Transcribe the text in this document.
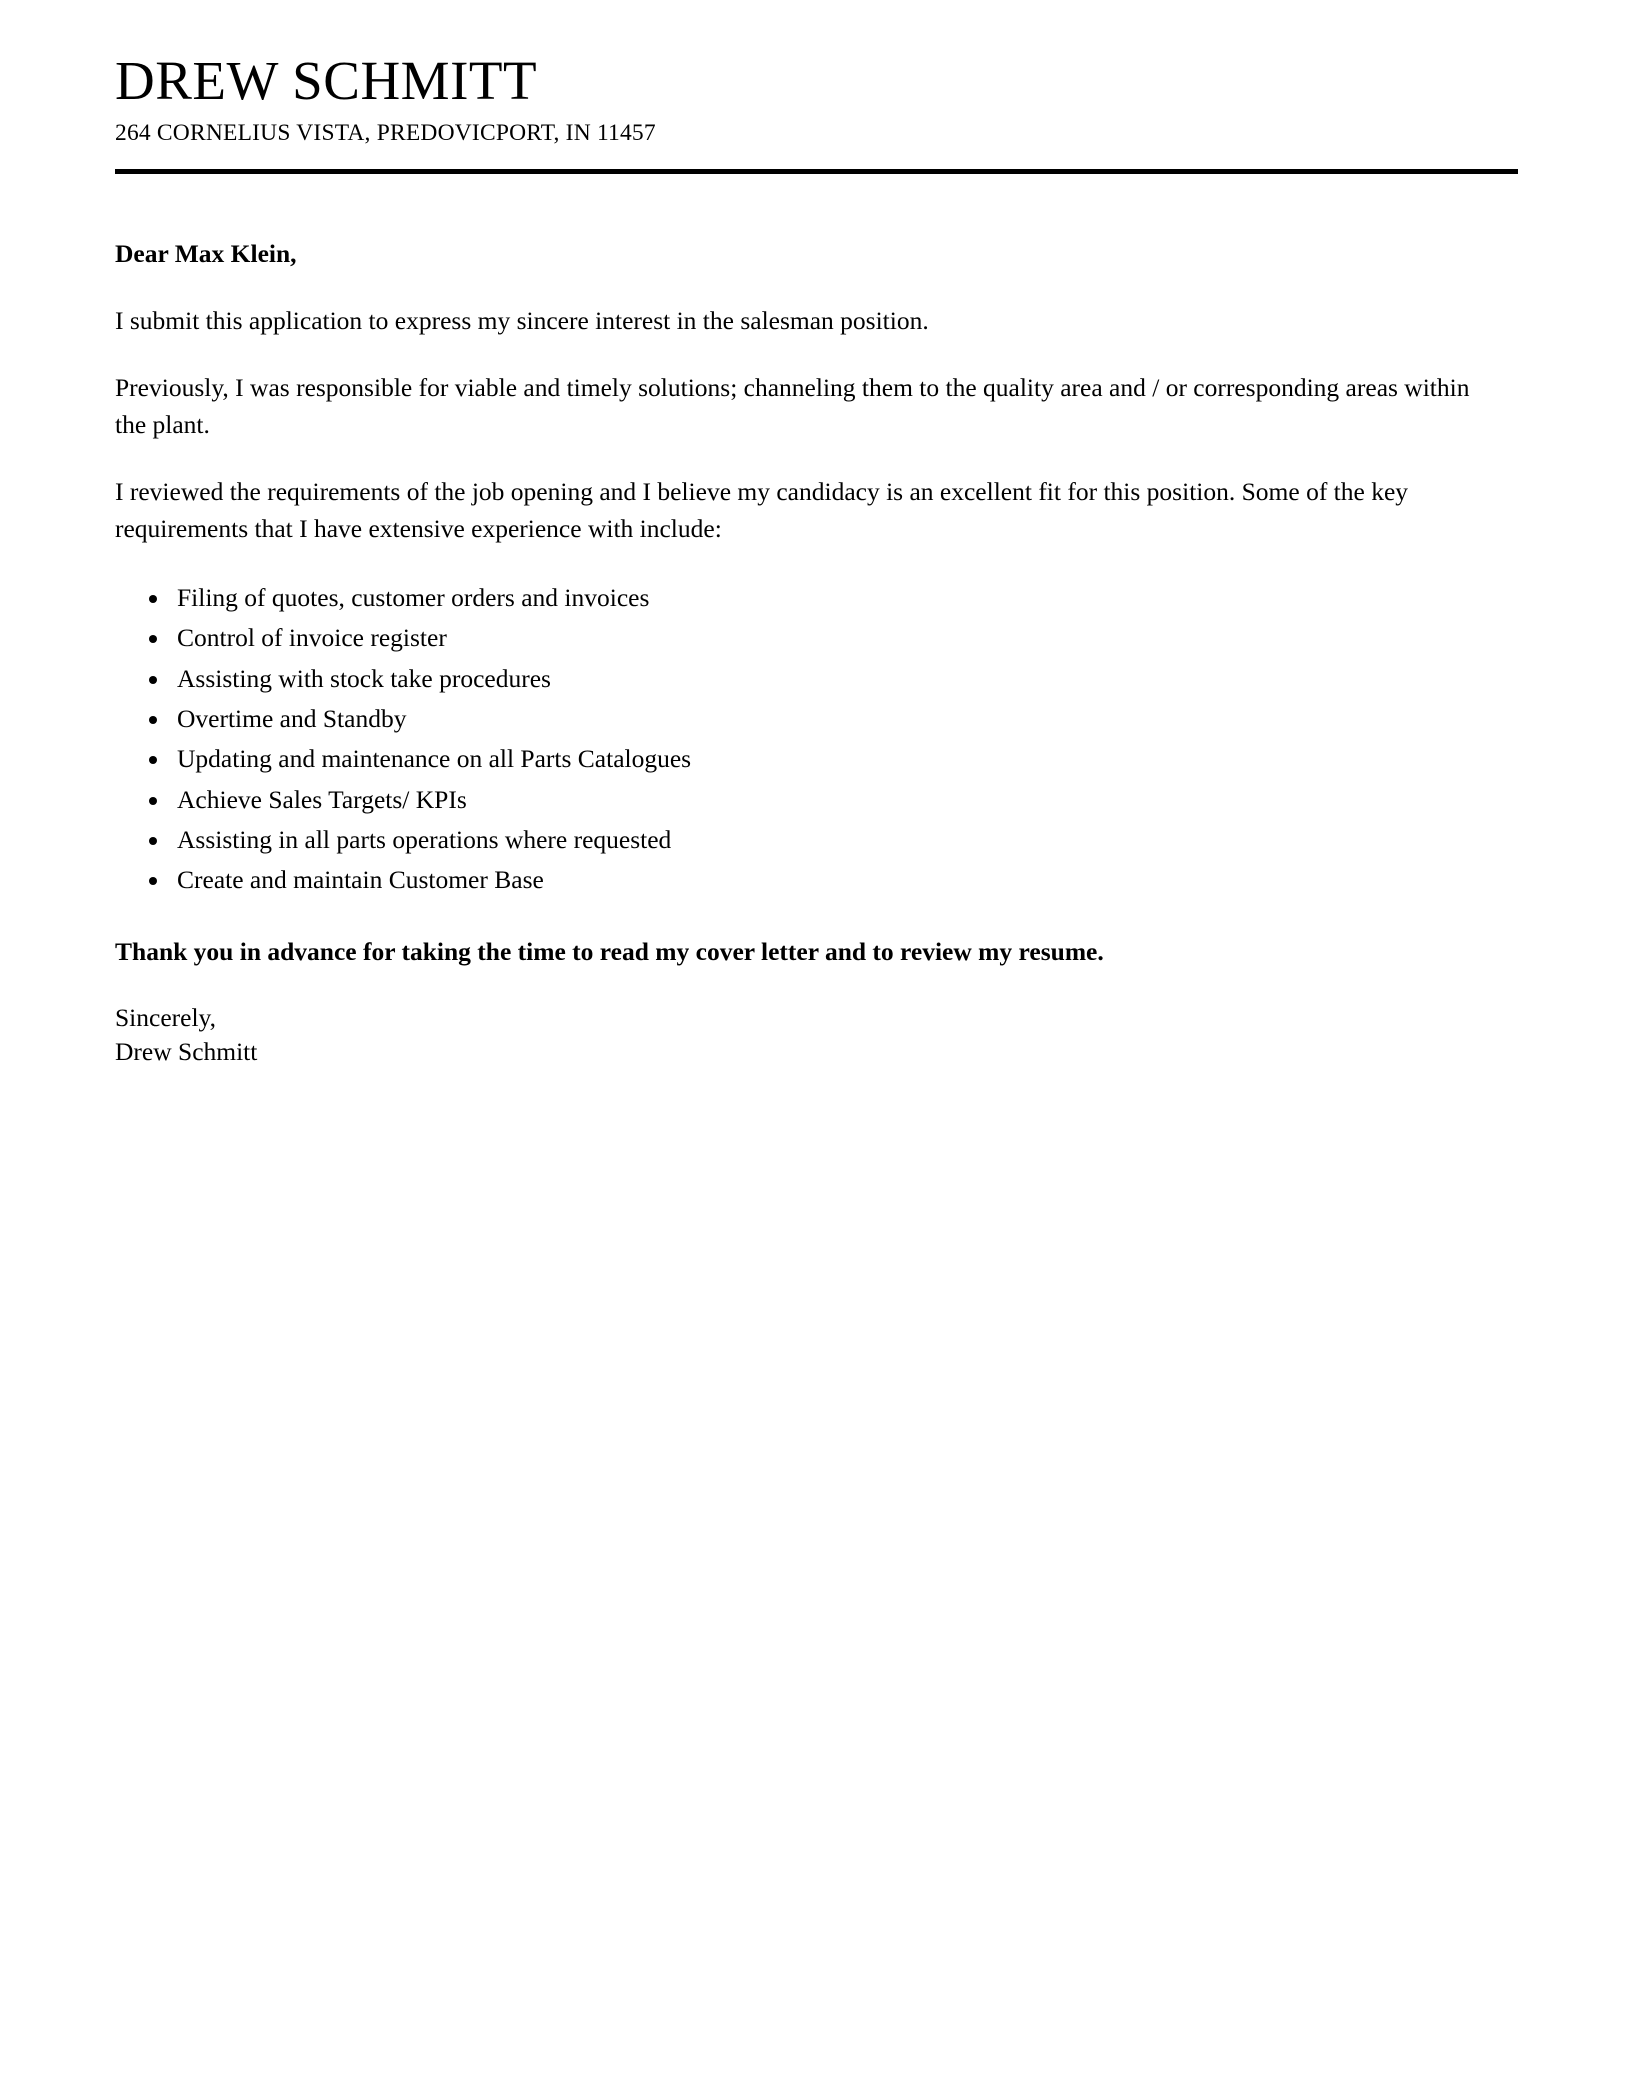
DREW SCHMITT
264 CORNELIUS VISTA, PREDOVICPORT, IN 11457

Dear Max Klein,

I submit this application to express my sincere interest in the salesman position.

Previously, I was responsible for viable and timely solutions; channeling them to the quality area and / or corresponding areas within the plant.

I reviewed the requirements of the job opening and I believe my candidacy is an excellent fit for this position. Some of the key requirements that I have extensive experience with include:

• Filing of quotes, customer orders and invoices
• Control of invoice register
• Assisting with stock take procedures
• Overtime and Standby
• Updating and maintenance on all Parts Catalogues
• Achieve Sales Targets/ KPIs
• Assisting in all parts operations where requested
• Create and maintain Customer Base

Thank you in advance for taking the time to read my cover letter and to review my resume.

Sincerely,
Drew Schmitt
